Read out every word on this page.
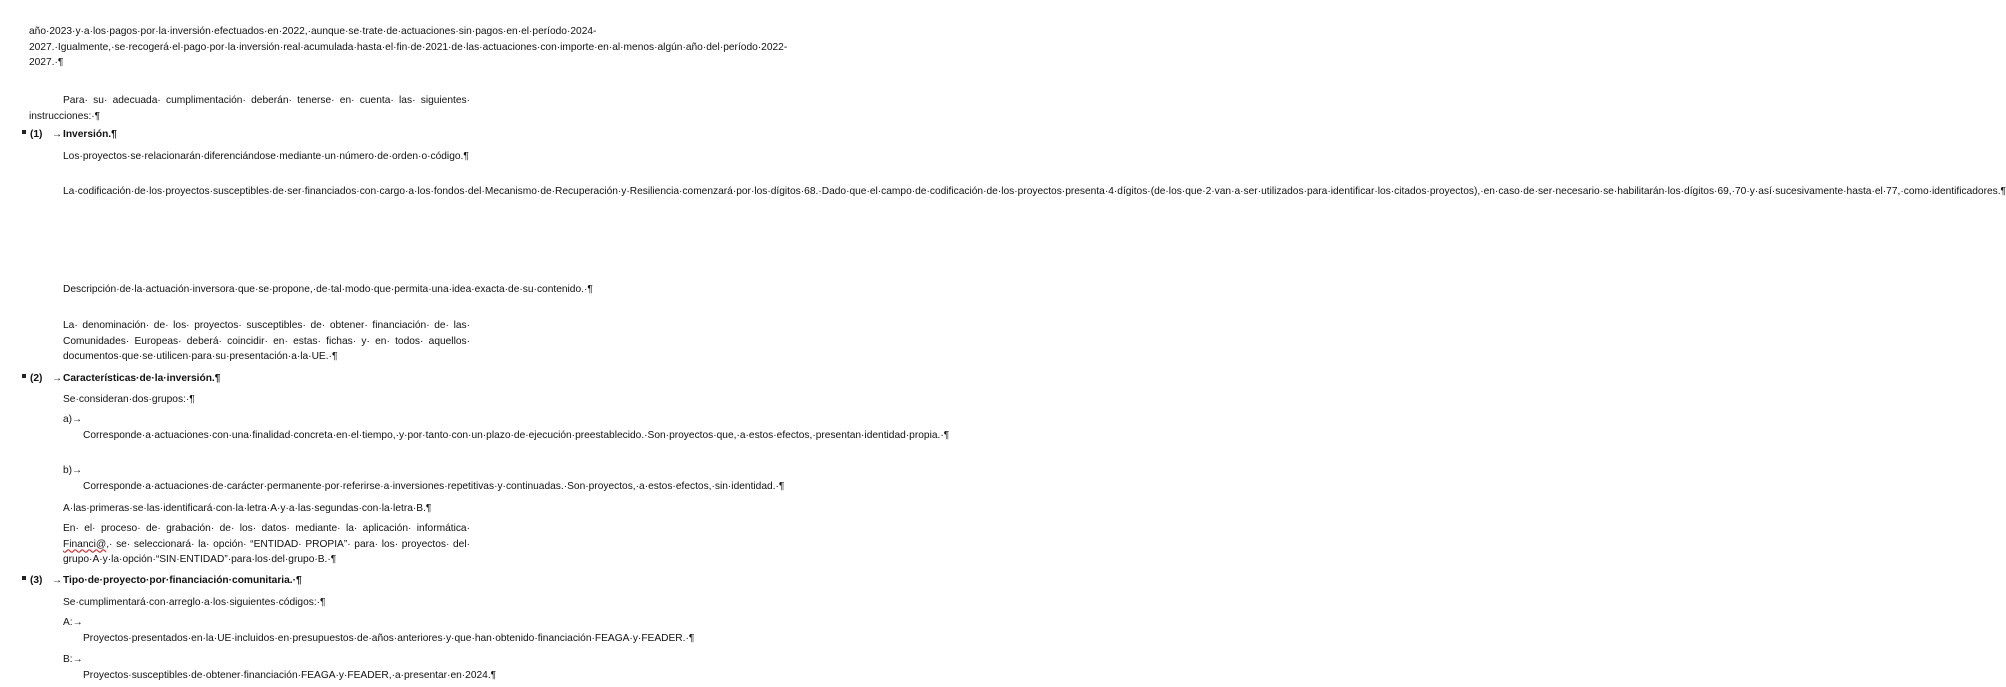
año·2023·y·a·los·pagos·por·la·inversión·efectuados·en·2022,·aunque·se·trate·de·actuaciones·sin·pagos·en·el·período·2024-2027.·Igualmente,·se·recogerá·el·pago·por·la·inversión·real·acumulada·hasta·el·fin·de·2021·de·las·actuaciones·con·importe·en·al·menos·algún·año·del·período·2022-2027.·¶
Para· su· adecuada· cumplimentación· deberán· tenerse· en· cuenta· las· siguientes· instrucciones:·¶
(1) → Inversión.¶
Los·proyectos·se·relacionarán·diferenciándose·mediante·un·número·de·orden·o·código.¶
La·codificación·de·los·proyectos·susceptibles·de·ser·financiados·con·cargo·a·los·fondos·del·Mecanismo·de·Recuperación·y·Resiliencia·comenzará·por·los·dígitos·68.·Dado·que·el·campo·de·codificación·de·los·proyectos·presenta·4·dígitos·(de·los·que·2·van·a·ser·utilizados·para·identificar·los·citados·proyectos),·en·caso·de·ser·necesario·se·habilitarán·los·dígitos·69,·70·y·así·sucesivamente·hasta·el·77,·como·identificadores.¶
Descripción·de·la·actuación·inversora·que·se·propone,·de·tal·modo·que·permita·una·idea·exacta·de·su·contenido.·¶
La· denominación· de· los· proyectos· susceptibles· de· obtener· financiación· de· las· Comunidades· Europeas· deberá· coincidir· en· estas· fichas· y· en· todos· aquellos· documentos·que·se·utilicen·para·su·presentación·a·la·UE.·¶
(2) → Características·de·la·inversión.¶
Se·consideran·dos·grupos:·¶
a)→Corresponde·a·actuaciones·con·una·finalidad·concreta·en·el·tiempo,·y·por·tanto·con·un·plazo·de·ejecución·preestablecido.·Son·proyectos·que,·a·estos·efectos,·presentan·identidad·propia.·¶
b)→Corresponde·a·actuaciones·de·carácter·permanente·por·referirse·a·inversiones·repetitivas·y·continuadas.·Son·proyectos,·a·estos·efectos,·sin·identidad.·¶
A·las·primeras·se·las·identificará·con·la·letra·A·y·a·las·segundas·con·la·letra·B.¶
En· el· proceso· de· grabación· de· los· datos· mediante· la· aplicación· informática· Financi@,· se· seleccionará· la· opción· “ENTIDAD· PROPIA”· para· los· proyectos· del· grupo·A·y·la·opción·“SIN·ENTIDAD”·para·los·del·grupo·B.·¶
(3) → Tipo·de·proyecto·por·financiación·comunitaria.·¶
Se·cumplimentará·con·arreglo·a·los·siguientes·códigos:·¶
A:→Proyectos·presentados·en·la·UE·incluidos·en·presupuestos·de·años·anteriores·y·que·han·obtenido·financiación·FEAGA·y·FEADER.·¶
B:→Proyectos·susceptibles·de·obtener·financiación·FEAGA·y·FEADER,·a·presentar·en·2024.¶
